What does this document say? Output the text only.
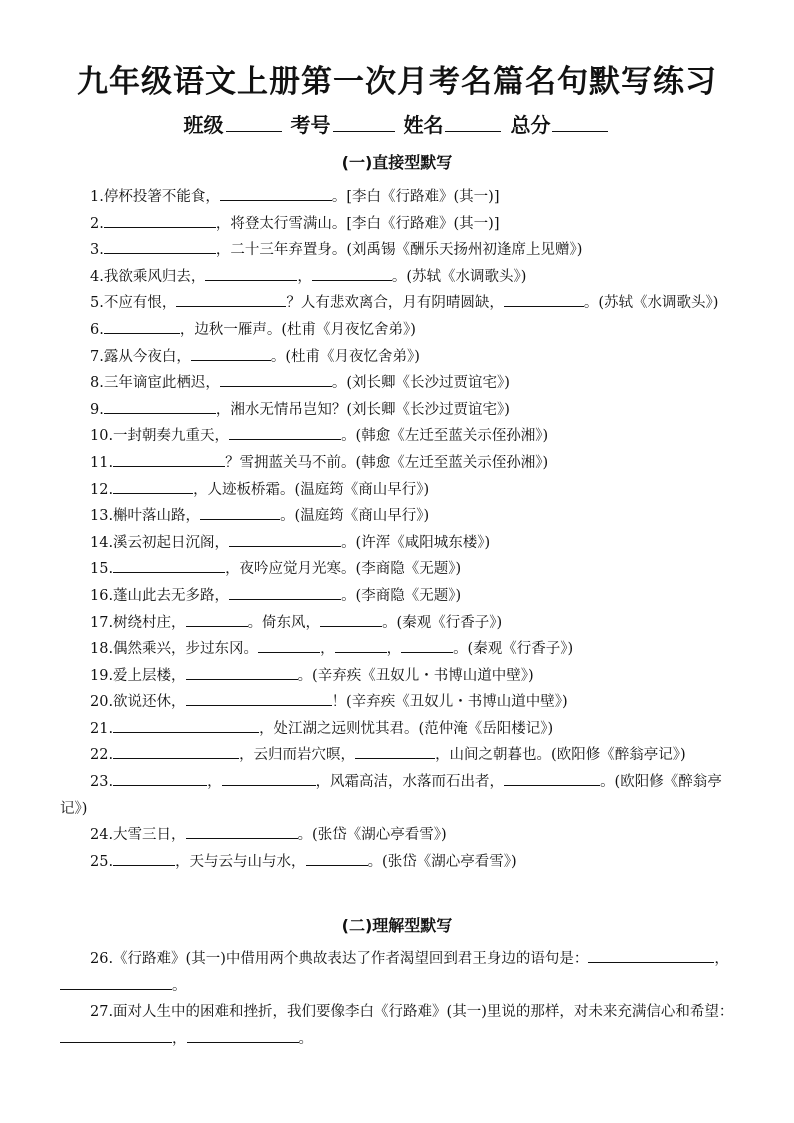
九年级语文上册第一次月考名篇名句默写练习
班级	考号	姓名	总分
(一)直接型默写
1.停杯投箸不能食，	。[李白《行路难》(其一)]
2.	，将登太行雪满山。[李白《行路难》(其一)]
3.	，二十三年弃置身。(刘禹锡《酬乐天扬州初逢席上见赠》)
4.我欲乘风归去，	，	。(苏轼《水调歌头》)
5.不应有恨，	？人有悲欢离合，月有阴晴圆缺，	。(苏轼《水调歌头》)
6.	，边秋一雁声。(杜甫《月夜忆舍弟》)
7.露从今夜白，	。(杜甫《月夜忆舍弟》)
8.三年谪宦此栖迟，	。(刘长卿《长沙过贾谊宅》)
9.	，湘水无情吊岂知？(刘长卿《长沙过贾谊宅》)
10.一封朝奏九重天，	。(韩愈《左迁至蓝关示侄孙湘》)
11.	？雪拥蓝关马不前。(韩愈《左迁至蓝关示侄孙湘》)
12.	，人迹板桥霜。(温庭筠《商山早行》)
13.槲叶落山路，	。(温庭筠《商山早行》)
14.溪云初起日沉阁，	。(许浑《咸阳城东楼》)
15.	，夜吟应觉月光寒。(李商隐《无题》)
16.蓬山此去无多路，	。(李商隐《无题》)
17.树绕村庄，	。倚东风，	。(秦观《行香子》)
18.偶然乘兴，步过东冈。	，	，	。(秦观《行香子》)
19.爱上层楼，	。(辛弃疾《丑奴儿・书博山道中壁》)
20.欲说还休，	！(辛弃疾《丑奴儿・书博山道中壁》)
21.	，处江湖之远则忧其君。(范仲淹《岳阳楼记》)
22.	，云归而岩穴暝，	，山间之朝暮也。(欧阳修《醉翁亭记》)
23.	，	，风霜高洁，水落而石出者，	。(欧阳修《醉翁亭记》)
24.大雪三日，	。(张岱《湖心亭看雪》)
25.	，天与云与山与水，	。(张岱《湖心亭看雪》)
(二)理解型默写
26.《行路难》(其一)中借用两个典故表达了作者渴望回到君王身边的语句是：	，。
27.面对人生中的困难和挫折，我们要像李白《行路难》(其一)里说的那样，对未来充满信心和希望：，	。
